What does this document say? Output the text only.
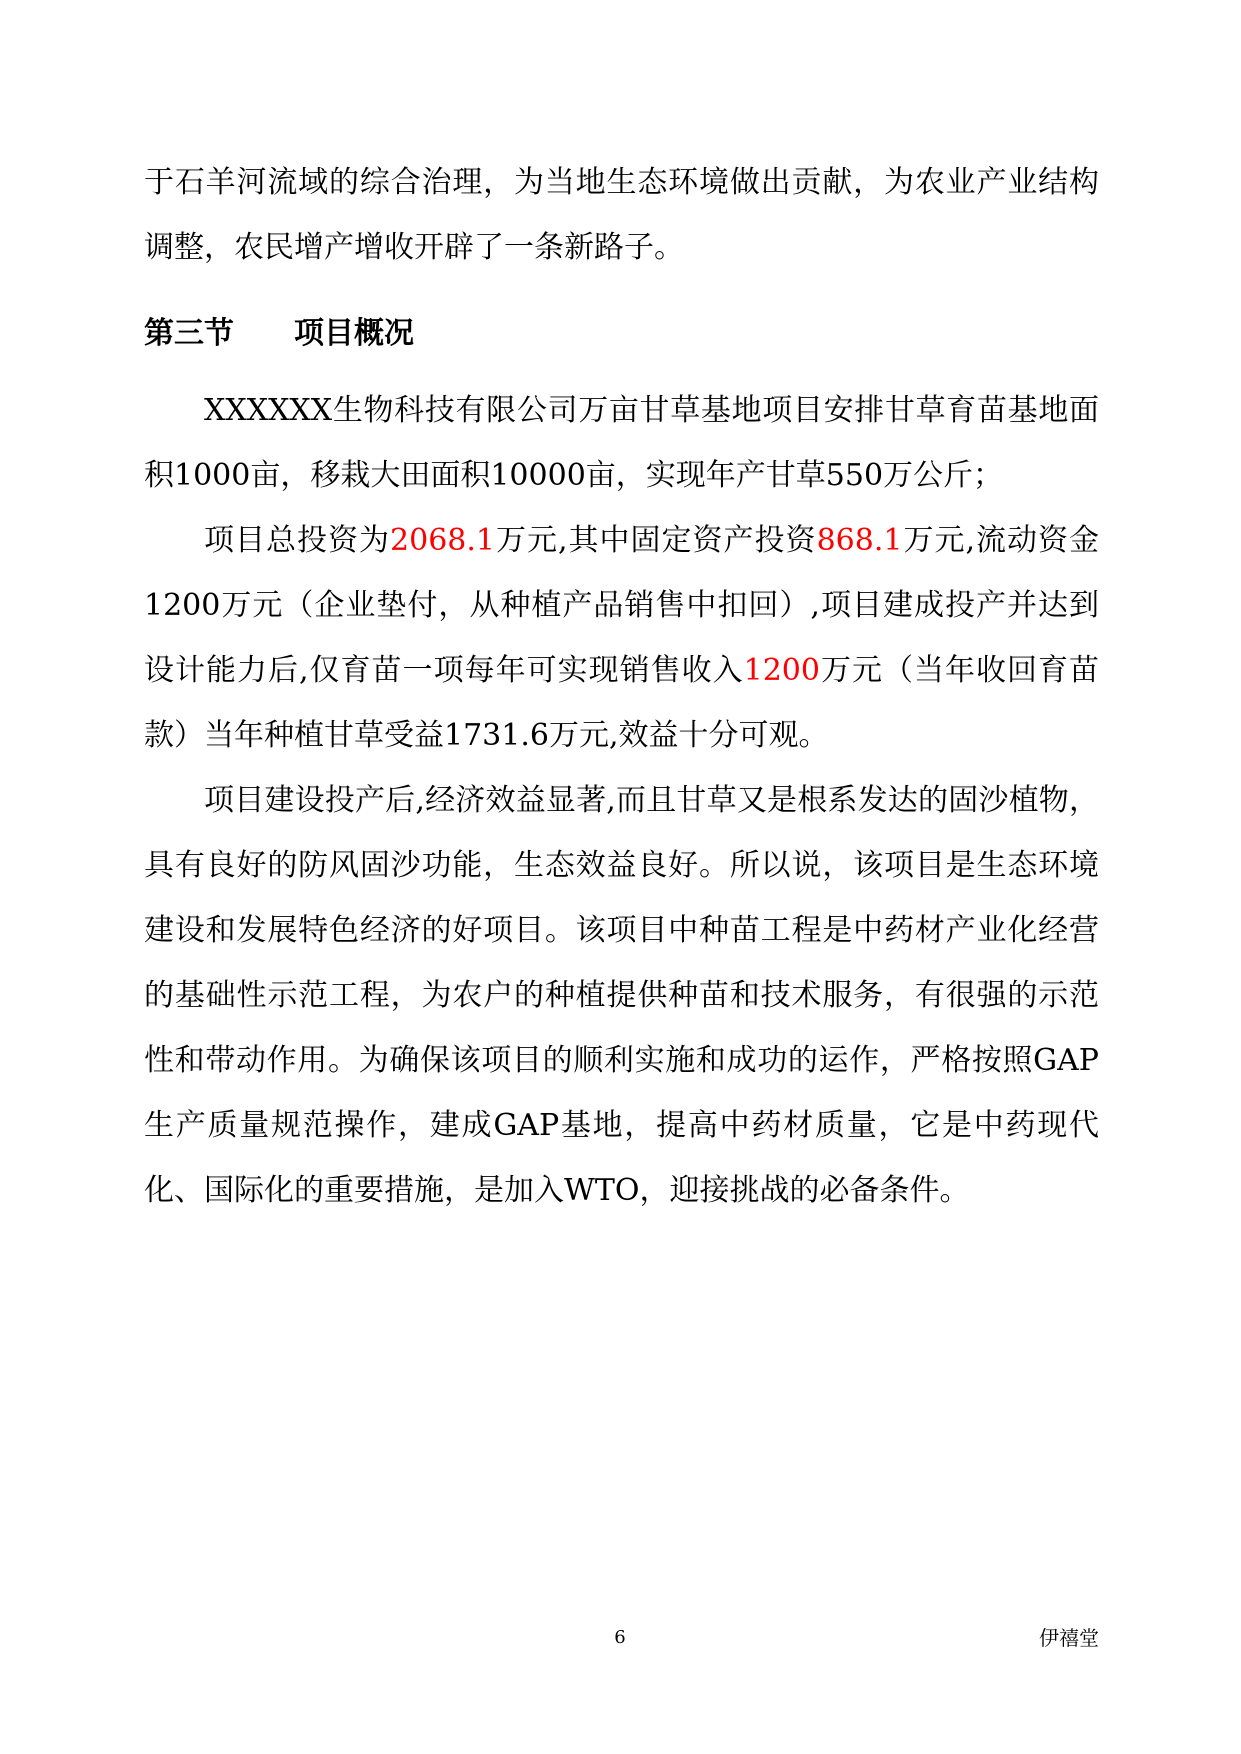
于石羊河流域的综合治理，为当地生态环境做出贡献，为农业产业结构调整，农民增产增收开辟了一条新路子。

第三节　　项目概况

XXXXXX生物科技有限公司万亩甘草基地项目安排甘草育苗基地面积1000亩，移栽大田面积10000亩，实现年产甘草550万公斤；

项目总投资为2068.1万元,其中固定资产投资868.1万元,流动资金1200万元（企业垫付，从种植产品销售中扣回）,项目建成投产并达到设计能力后,仅育苗一项每年可实现销售收入1200万元（当年收回育苗款）当年种植甘草受益1731.6万元,效益十分可观。

项目建设投产后,经济效益显著,而且甘草又是根系发达的固沙植物，具有良好的防风固沙功能，生态效益良好。所以说，该项目是生态环境建设和发展特色经济的好项目。该项目中种苗工程是中药材产业化经营的基础性示范工程，为农户的种植提供种苗和技术服务，有很强的示范性和带动作用。为确保该项目的顺利实施和成功的运作，严格按照GAP生产质量规范操作，建成GAP基地，提高中药材质量，它是中药现代化、国际化的重要措施，是加入WTO，迎接挑战的必备条件。

6	伊禧堂
